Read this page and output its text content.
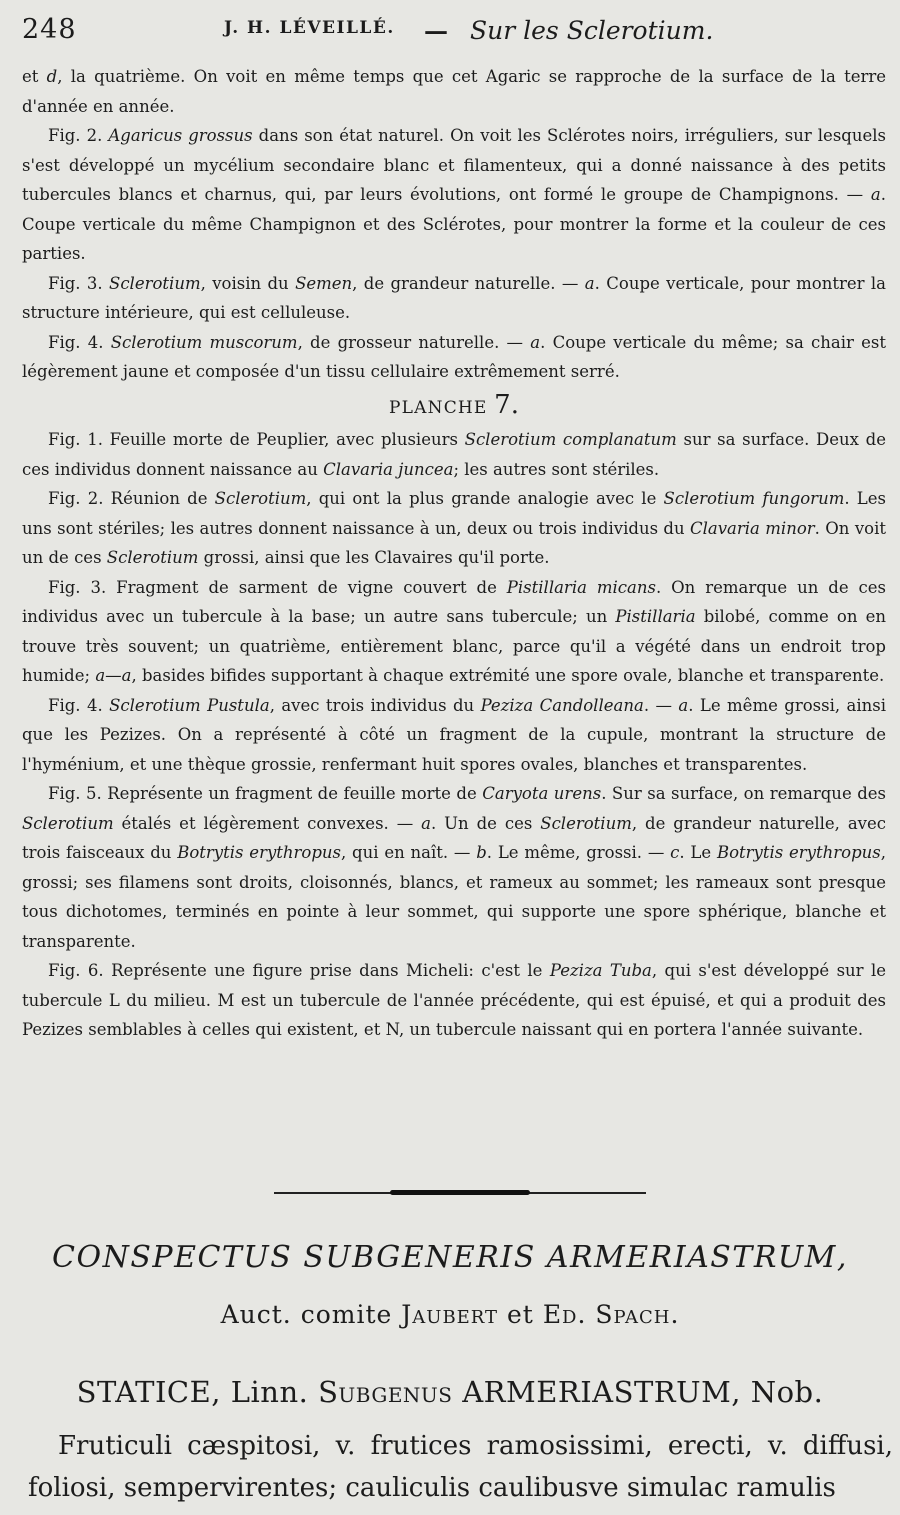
248	J. H. LÉVEILLÉ. — Sur les Sclerotium.

et d, la quatrième. On voit en même temps que cet Agaric se rapproche de la surface de la terre d'année en année.

Fig. 2. Agaricus grossus dans son état naturel. On voit les Sclérotes noirs, irréguliers, sur lesquels s'est développé un mycélium secondaire blanc et filamenteux, qui a donné naissance à des petits tubercules blancs et charnus, qui, par leurs évolutions, ont formé le groupe de Champignons. — a. Coupe verticale du même Champignon et des Sclérotes, pour montrer la forme et la couleur de ces parties.

Fig. 3. Sclerotium, voisin du Semen, de grandeur naturelle. — a. Coupe verticale, pour montrer la structure intérieure, qui est celluleuse.

Fig. 4. Sclerotium muscorum, de grosseur naturelle. — a. Coupe verticale du même; sa chair est légèrement jaune et composée d'un tissu cellulaire extrêmement serré.

PLANCHE 7.

Fig. 1. Feuille morte de Peuplier, avec plusieurs Sclerotium complanatum sur sa surface. Deux de ces individus donnent naissance au Clavaria juncea; les autres sont stériles.

Fig. 2. Réunion de Sclerotium, qui ont la plus grande analogie avec le Sclerotium fungorum. Les uns sont stériles; les autres donnent naissance à un, deux ou trois individus du Clavaria minor. On voit un de ces Sclerotium grossi, ainsi que les Clavaires qu'il porte.

Fig. 3. Fragment de sarment de vigne couvert de Pistillaria micans. On remarque un de ces individus avec un tubercule à la base; un autre sans tubercule; un Pistillaria bilobé, comme on en trouve très souvent; un quatrième, entièrement blanc, parce qu'il a végété dans un endroit trop humide; a—a, basides bifides supportant à chaque extrémité une spore ovale, blanche et transparente.

Fig. 4. Sclerotium Pustula, avec trois individus du Peziza Candolleana. — a. Le même grossi, ainsi que les Pezizes. On a représenté à côté un fragment de la cupule, montrant la structure de l'hyménium, et une thèque grossie, renfermant huit spores ovales, blanches et transparentes.

Fig. 5. Représente un fragment de feuille morte de Caryota urens. Sur sa surface, on remarque des Sclerotium étalés et légèrement convexes. — a. Un de ces Sclerotium, de grandeur naturelle, avec trois faisceaux du Botrytis erythropus, qui en naît. — b. Le même, grossi. — c. Le Botrytis erythropus, grossi; ses filamens sont droits, cloisonnés, blancs, et rameux au sommet; les rameaux sont presque tous dichotomes, terminés en pointe à leur sommet, qui supporte une spore sphérique, blanche et transparente.

Fig. 6. Représente une figure prise dans Micheli: c'est le Peziza Tuba, qui s'est développé sur le tubercule L du milieu. M est un tubercule de l'année précédente, qui est épuisé, et qui a produit des Pezizes semblables à celles qui existent, et N, un tubercule naissant qui en portera l'année suivante.

CONSPECTUS SUBGENERIS ARMERIASTRUM,
Auct. comite Jaubert et Ed. Spach.
STATICE, Linn. Subgenus ARMERIASTRUM, Nob.
Fruticuli cæspitosi, v. frutices ramosissimi, erecti, v. diffusi, foliosi, sempervirentes; cauliculis caulibusve simulac ramulis
